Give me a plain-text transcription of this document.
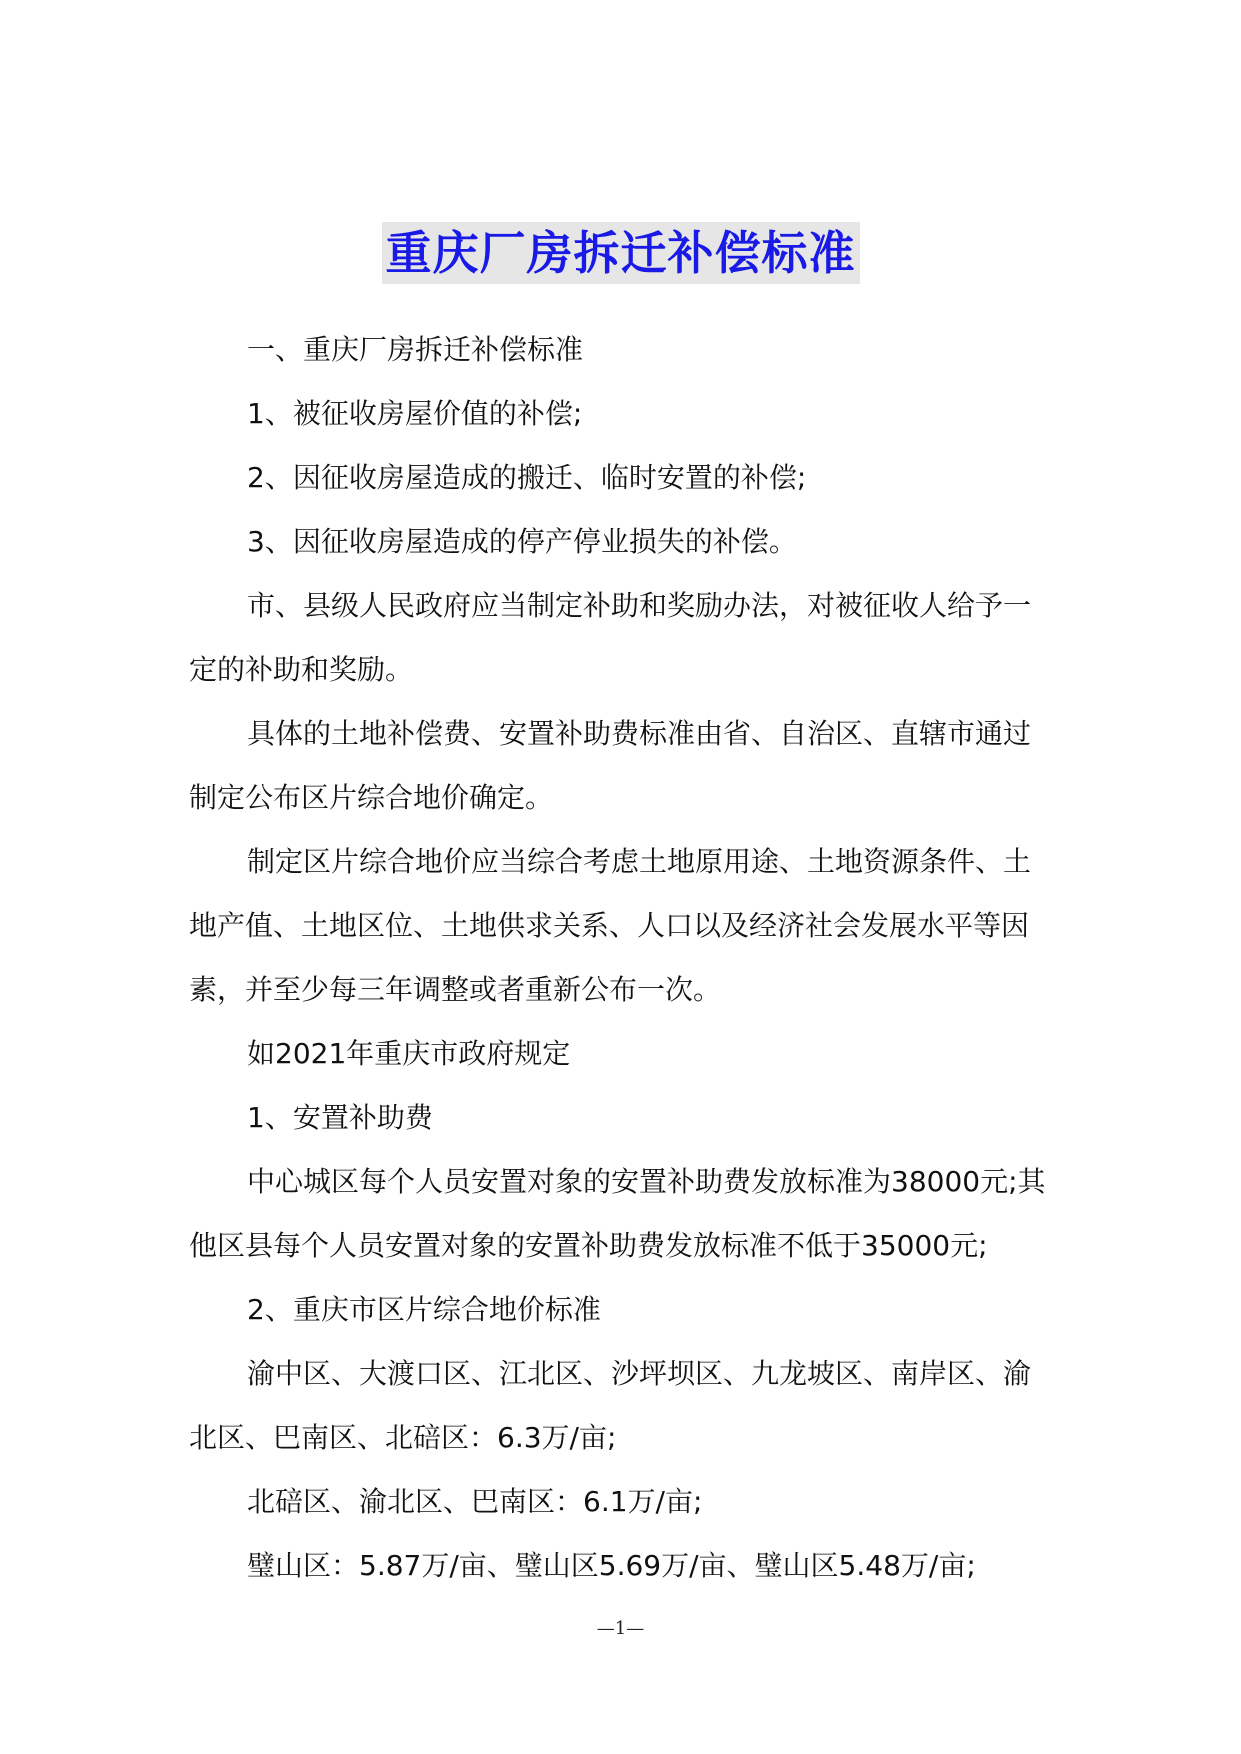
重庆厂房拆迁补偿标准

一、重庆厂房拆迁补偿标准

1、被征收房屋价值的补偿;

2、因征收房屋造成的搬迁、临时安置的补偿;

3、因征收房屋造成的停产停业损失的补偿。

市、县级人民政府应当制定补助和奖励办法，对被征收人给予一定的补助和奖励。

具体的土地补偿费、安置补助费标准由省、自治区、直辖市通过制定公布区片综合地价确定。

制定区片综合地价应当综合考虑土地原用途、土地资源条件、土地产值、土地区位、土地供求关系、人口以及经济社会发展水平等因素，并至少每三年调整或者重新公布一次。

如2021年重庆市政府规定

1、安置补助费

中心城区每个人员安置对象的安置补助费发放标准为38000元;其他区县每个人员安置对象的安置补助费发放标准不低于35000元;

2、重庆市区片综合地价标准

渝中区、大渡口区、江北区、沙坪坝区、九龙坡区、南岸区、渝北区、巴南区、北碚区：6.3万/亩;

北碚区、渝北区、巴南区：6.1万/亩;

璧山区：5.87万/亩、璧山区5.69万/亩、璧山区5.48万/亩;

—1—
